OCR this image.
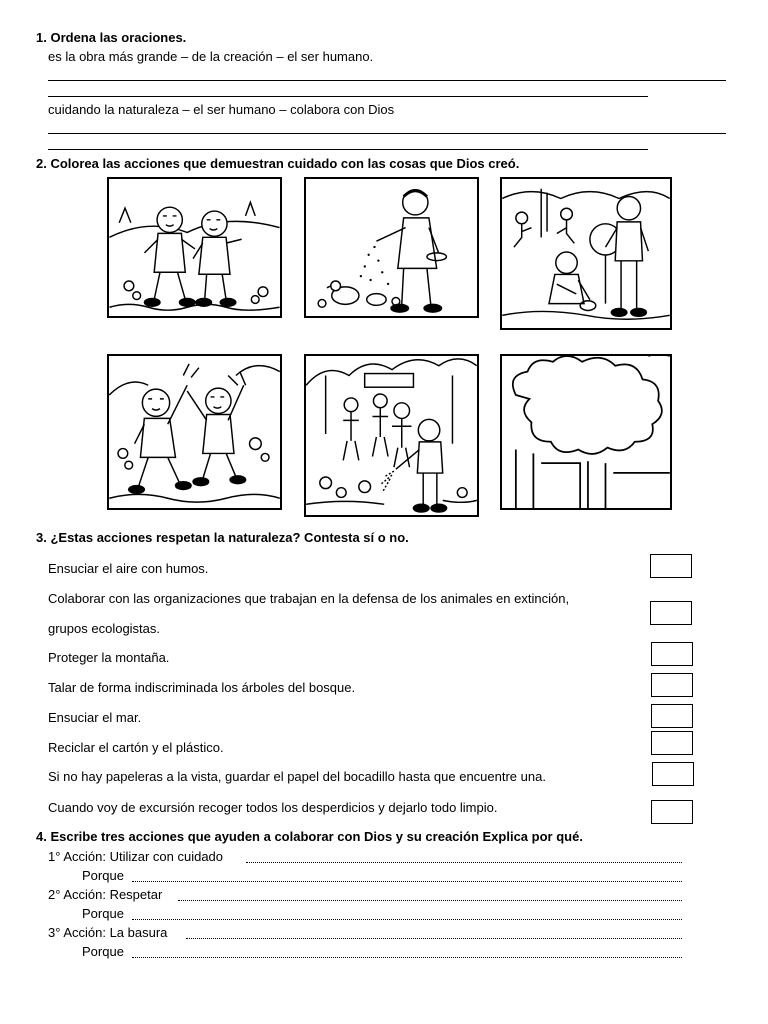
1. Ordena las oraciones.
es la obra más grande – de la creación – el ser humano.
cuidando la naturaleza – el ser humano – colabora con Dios
2. Colorea las acciones que demuestran cuidado con las cosas que Dios creó.
3. ¿Estas acciones respetan la naturaleza? Contesta sí o no.
Ensuciar el aire con humos.
Colaborar con las organizaciones que trabajan en la defensa de los animales en extinción,
grupos ecologistas.
Proteger la montaña.
Talar de forma indiscriminada los árboles del bosque.
Ensuciar el mar.
Reciclar el cartón y el plástico.
Si no hay papeleras a la vista, guardar el papel del bocadillo hasta que encuentre una.
Cuando voy de excursión recoger todos los desperdicios y dejarlo todo limpio.
4. Escribe tres acciones que ayuden a colaborar con Dios y su creación Explica por qué.
1° Acción: Utilizar con cuidado
Porque
2° Acción: Respetar
Porque
3° Acción: La basura
Porque
